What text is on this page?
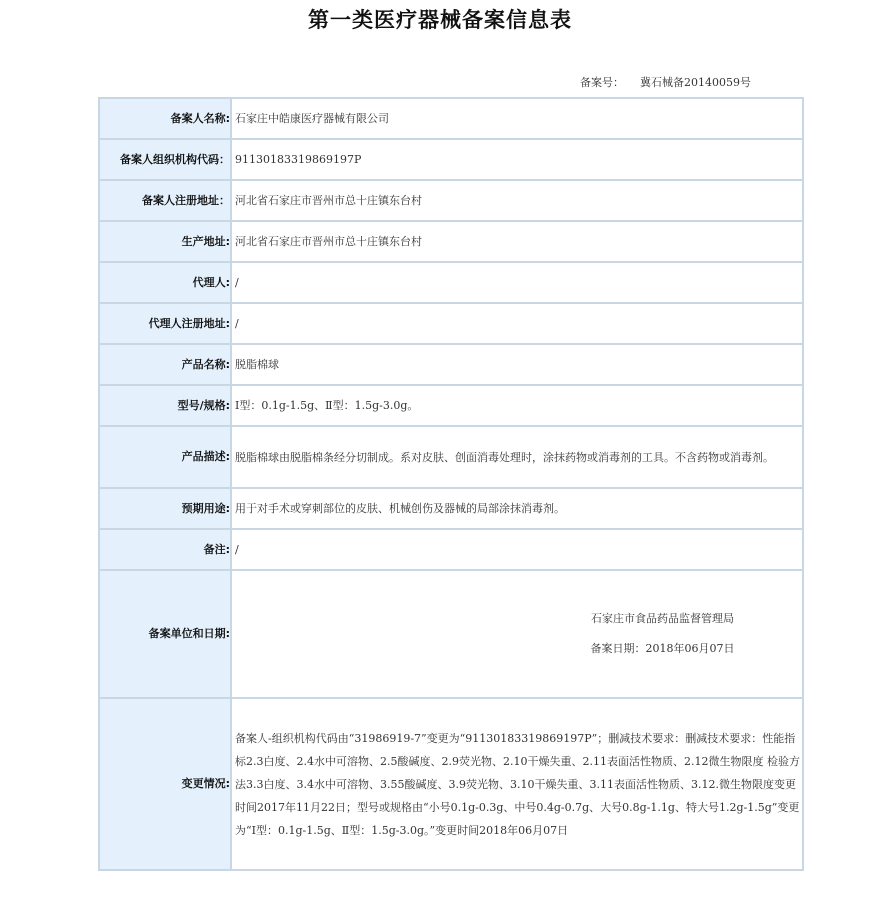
第一类医疗器械备案信息表
备案号： 冀石械备20140059号
备案人名称:	石家庄中皓康医疗器械有限公司
备案人组织机构代码：	91130183319869197P
备案人注册地址：	河北省石家庄市晋州市总十庄镇东台村
生产地址:	河北省石家庄市晋州市总十庄镇东台村
代理人:	/
代理人注册地址:	/
产品名称:	脱脂棉球
型号/规格:	Ⅰ型：0.1g-1.5g、Ⅱ型：1.5g-3.0g。
产品描述:	脱脂棉球由脱脂棉条经分切制成。系对皮肤、创面消毒处理时，涂抹药物或消毒剂的工具。不含药物或消毒剂。
预期用途:	用于对手术或穿刺部位的皮肤、机械创伤及器械的局部涂抹消毒剂。
备注:	/
备案单位和日期:	石家庄市食品药品监督管理局
备案日期：2018年06月07日

变更情况:	备案人-组织机构代码由“31986919-7”变更为“91130183319869197P”；删减技术要求：删减技术要求：性能指标2.3白度、2.4水中可溶物、2.5酸碱度、2.9荧光物、2.10干燥失重、2.11表面活性物质、2.12微生物限度 检验方法3.3白度、3.4水中可溶物、3.55酸碱度、3.9荧光物、3.10干燥失重、3.11表面活性物质、3.12.微生物限度变更时间2017年11月22日；型号或规格由“小号0.1g-0.3g、中号0.4g-0.7g、大号0.8g-1.1g、特大号1.2g-1.5g”变更为“Ⅰ型：0.1g-1.5g、Ⅱ型：1.5g-3.0g。”变更时间2018年06月07日
